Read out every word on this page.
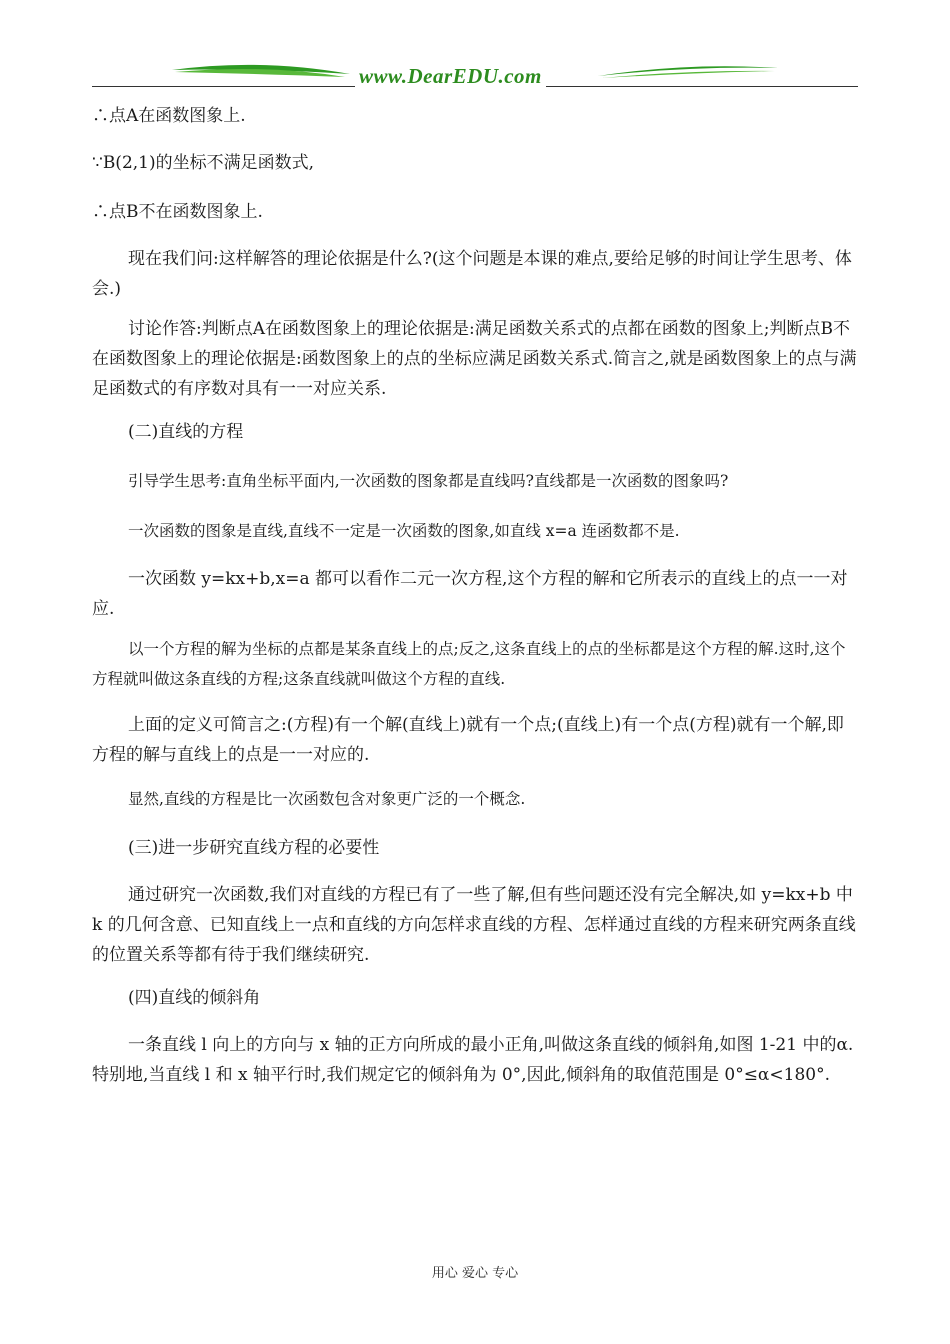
www.DearEDU.com

∴点A在函数图象上.

∵B(2,1)的坐标不满足函数式,

∴点B不在函数图象上.

现在我们问:这样解答的理论依据是什么?(这个问题是本课的难点,要给足够的时间让学生思考、体会.)

讨论作答:判断点A在函数图象上的理论依据是:满足函数关系式的点都在函数的图象上;判断点B不在函数图象上的理论依据是:函数图象上的点的坐标应满足函数关系式.简言之,就是函数图象上的点与满足函数式的有序数对具有一一对应关系.

(二)直线的方程

引导学生思考:直角坐标平面内,一次函数的图象都是直线吗?直线都是一次函数的图象吗?

一次函数的图象是直线,直线不一定是一次函数的图象,如直线 x=a 连函数都不是.

一次函数 y=kx+b,x=a 都可以看作二元一次方程,这个方程的解和它所表示的直线上的点一一对应.

以一个方程的解为坐标的点都是某条直线上的点;反之,这条直线上的点的坐标都是这个方程的解.这时,这个方程就叫做这条直线的方程;这条直线就叫做这个方程的直线.

上面的定义可简言之:(方程)有一个解(直线上)就有一个点;(直线上)有一个点(方程)就有一个解,即方程的解与直线上的点是一一对应的.

显然,直线的方程是比一次函数包含对象更广泛的一个概念.

(三)进一步研究直线方程的必要性

通过研究一次函数,我们对直线的方程已有了一些了解,但有些问题还没有完全解决,如 y=kx+b 中 k 的几何含意、已知直线上一点和直线的方向怎样求直线的方程、怎样通过直线的方程来研究两条直线的位置关系等都有待于我们继续研究.

(四)直线的倾斜角

一条直线 l 向上的方向与 x 轴的正方向所成的最小正角,叫做这条直线的倾斜角,如图 1-21 中的α.特别地,当直线 l 和 x 轴平行时,我们规定它的倾斜角为 0°,因此,倾斜角的取值范围是 0°≤α<180°.

用心 爱心 专心
